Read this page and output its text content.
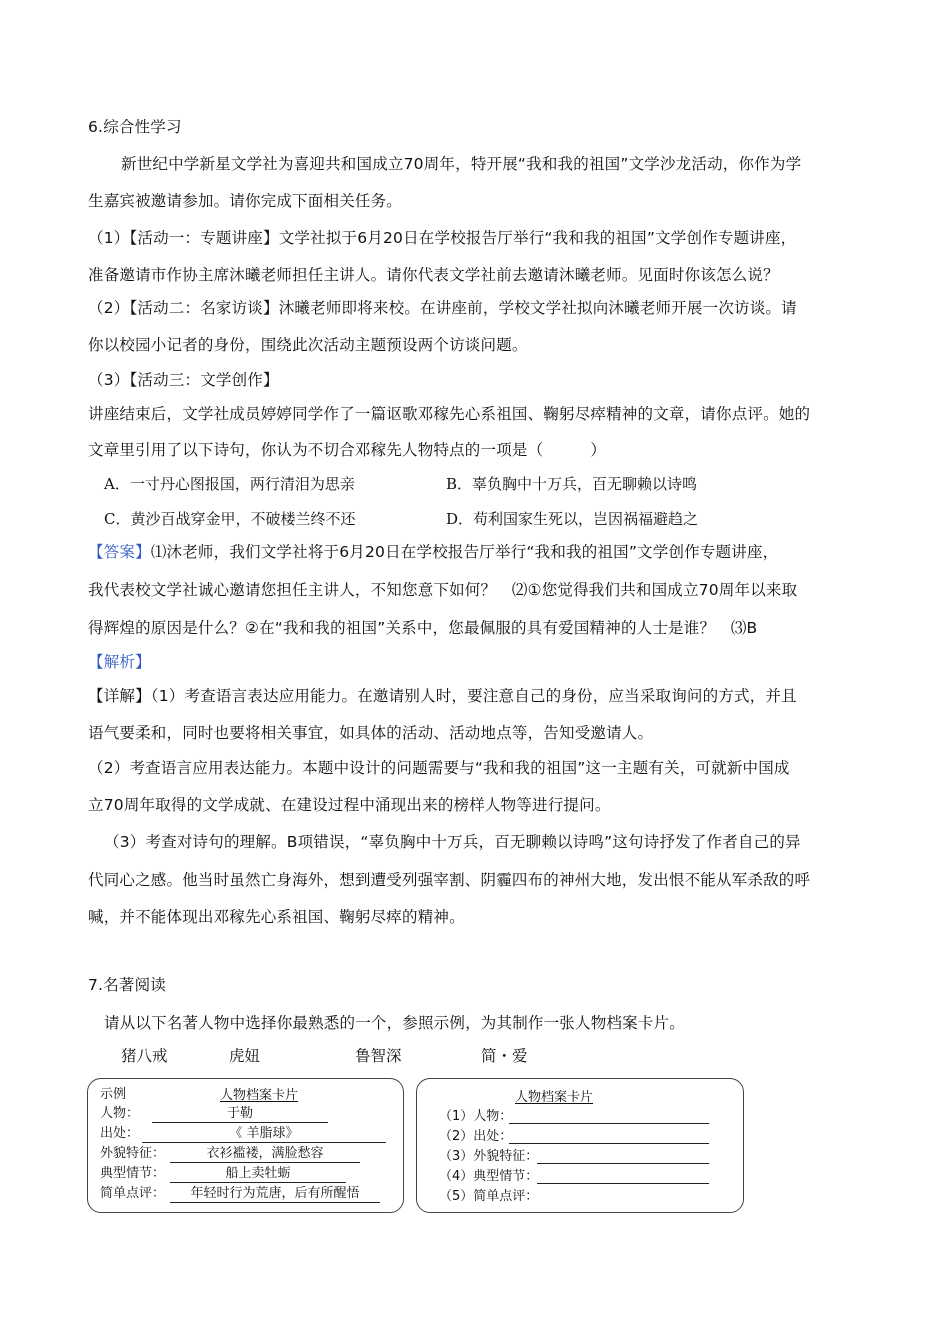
6.综合性学习
新世纪中学新星文学社为喜迎共和国成立70周年，特开展“我和我的祖国”文学沙龙活动，你作为学
生嘉宾被邀请参加。请你完成下面相关任务。
（1）【活动一：专题讲座】文学社拟于6月20日在学校报告厅举行“我和我的祖国”文学创作专题讲座，
准备邀请市作协主席沐曦老师担任主讲人。请你代表文学社前去邀请沐曦老师。见面时你该怎么说？
（2）【活动二：名家访谈】沐曦老师即将来校。在讲座前，学校文学社拟向沐曦老师开展一次访谈。请
你以校园小记者的身份，围绕此次活动主题预设两个访谈问题。
（3）【活动三：文学创作】
讲座结束后，文学社成员婷婷同学作了一篇讴歌邓稼先心系祖国、鞠躬尽瘁精神的文章，请你点评。她的
文章里引用了以下诗句，你认为不切合邓稼先人物特点的一项是（　　　）
A．一寸丹心图报国，两行清泪为思亲	B．辜负胸中十万兵，百无聊赖以诗鸣
C．黄沙百战穿金甲，不破楼兰终不还	D．苟利国家生死以，岂因祸福避趋之
【答案】⑴沐老师，我们文学社将于6月20日在学校报告厅举行“我和我的祖国”文学创作专题讲座，
我代表校文学社诚心邀请您担任主讲人，不知您意下如何？　⑵①您觉得我们共和国成立70周年以来取
得辉煌的原因是什么？②在“我和我的祖国”关系中，您最佩服的具有爱国精神的人士是谁？　⑶B
【解析】
【详解】（1）考查语言表达应用能力。在邀请别人时，要注意自己的身份，应当采取询问的方式，并且
语气要柔和，同时也要将相关事宜，如具体的活动、活动地点等，告知受邀请人。
（2）考查语言应用表达能力。本题中设计的问题需要与“我和我的祖国”这一主题有关，可就新中国成
立70周年取得的文学成就、在建设过程中涌现出来的榜样人物等进行提问。
（3）考查对诗句的理解。B项错误，“辜负胸中十万兵，百无聊赖以诗鸣”这句诗抒发了作者自己的异
代同心之感。他当时虽然亡身海外，想到遭受列强宰割、阴霾四布的神州大地，发出恨不能从军杀敌的呼
喊，并不能体现出邓稼先心系祖国、鞠躬尽瘁的精神。
7.名著阅读
请从以下名著人物中选择你最熟悉的一个，参照示例，为其制作一张人物档案卡片。
猪八戒	虎妞	鲁智深	简・爱
示例	人物档案卡片
人物：	于勒
出处：	《 羊脂球》
外貌特征：	衣衫褴褛，满脸愁容
典型情节：	船上卖牡蛎
简单点评：	年轻时行为荒唐，后有所醒悟
人物档案卡片
（1）人物：
（2）出处：
（3）外貌特征：
（4）典型情节：
（5）简单点评：
